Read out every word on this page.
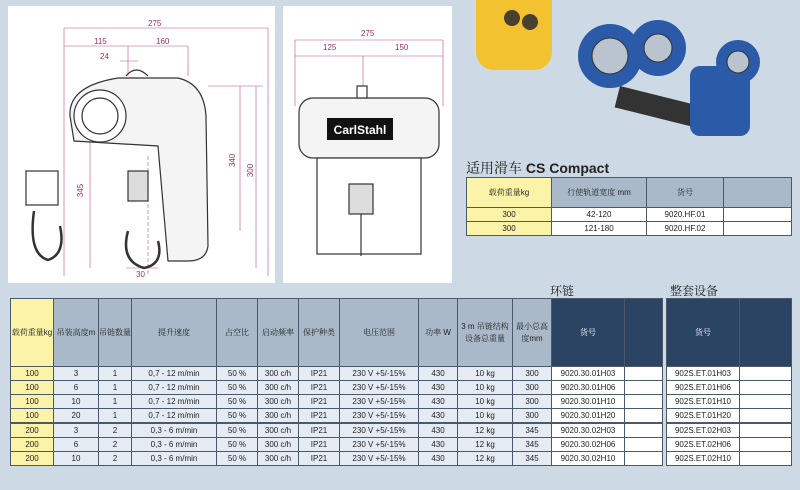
275
115	160
24
345
340
300
30
CarlStahl
275
125	150
适用滑车 CS Compact
载荷重量kg	行使轨道宽度 mm	货号	
300	42-120	9020.HF.01	
300	121-180	9020.HF.02	
环链	整套设备
载荷重量kg	吊装高度m	吊链数量	提升速度	占空比	启动频率	保护种类	电压范围	功率 W	3 m 吊链结构设备总重量	最小总高度mm	货号	
100	3	1	0,7 - 12 m/min	50 %	300 c/h	IP21	230 V +5/-15%	430	10 kg	300	9020.30.01H03	
100	6	1	0,7 - 12 m/min	50 %	300 c/h	IP21	230 V +5/-15%	430	10 kg	300	9020.30.01H06	
100	10	1	0,7 - 12 m/min	50 %	300 c/h	IP21	230 V +5/-15%	430	10 kg	300	9020.30.01H10	
100	20	1	0,7 - 12 m/min	50 %	300 c/h	IP21	230 V +5/-15%	430	10 kg	300	9020.30.01H20	
200	3	2	0,3 - 6 m/min	50 %	300 c/h	IP21	230 V +5/-15%	430	12 kg	345	9020.30.02H03	
200	6	2	0,3 - 6 m/min	50 %	300 c/h	IP21	230 V +5/-15%	430	12 kg	345	9020.30.02H06	
200	10	2	0,3 - 6 m/min	50 %	300 c/h	IP21	230 V +5/-15%	430	12 kg	345	9020.30.02H10	
货号	
902S.ET.01H03	
902S.ET.01H06	
902S.ET.01H10	
902S.ET.01H20	
902S.ET.02H03	
902S.ET.02H06	
902S.ET.02H10	
